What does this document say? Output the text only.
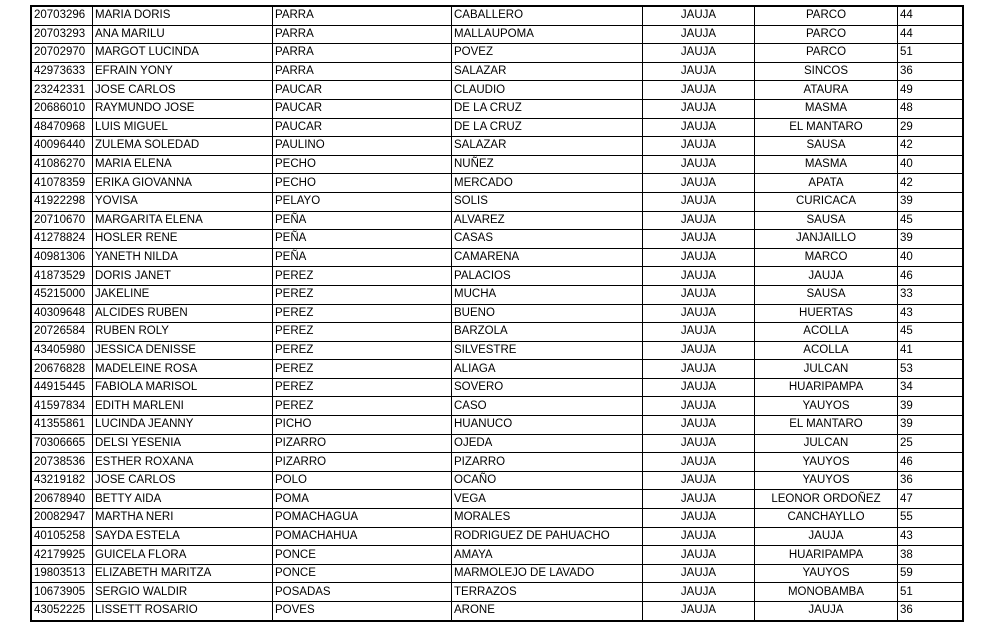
20703296	MARIA DORIS	PARRA	CABALLERO	JAUJA	PARCO	44
20703293	ANA MARILU	PARRA	MALLAUPOMA	JAUJA	PARCO	44
20702970	MARGOT LUCINDA	PARRA	POVEZ	JAUJA	PARCO	51
42973633	EFRAIN YONY	PARRA	SALAZAR	JAUJA	SINCOS	36
23242331	JOSE CARLOS	PAUCAR	CLAUDIO	JAUJA	ATAURA	49
20686010	RAYMUNDO JOSE	PAUCAR	DE LA CRUZ	JAUJA	MASMA	48
48470968	LUIS MIGUEL	PAUCAR	DE LA CRUZ	JAUJA	EL MANTARO	29
40096440	ZULEMA SOLEDAD	PAULINO	SALAZAR	JAUJA	SAUSA	42
41086270	MARIA ELENA	PECHO	NUÑEZ	JAUJA	MASMA	40
41078359	ERIKA GIOVANNA	PECHO	MERCADO	JAUJA	APATA	42
41922298	YOVISA	PELAYO	SOLIS	JAUJA	CURICACA	39
20710670	MARGARITA ELENA	PEÑA	ALVAREZ	JAUJA	SAUSA	45
41278824	HOSLER RENE	PEÑA	CASAS	JAUJA	JANJAILLO	39
40981306	YANETH NILDA	PEÑA	CAMARENA	JAUJA	MARCO	40
41873529	DORIS JANET	PEREZ	PALACIOS	JAUJA	JAUJA	46
45215000	JAKELINE	PEREZ	MUCHA	JAUJA	SAUSA	33
40309648	ALCIDES RUBEN	PEREZ	BUENO	JAUJA	HUERTAS	43
20726584	RUBEN ROLY	PEREZ	BARZOLA	JAUJA	ACOLLA	45
43405980	JESSICA DENISSE	PEREZ	SILVESTRE	JAUJA	ACOLLA	41
20676828	MADELEINE ROSA	PEREZ	ALIAGA	JAUJA	JULCAN	53
44915445	FABIOLA MARISOL	PEREZ	SOVERO	JAUJA	HUARIPAMPA	34
41597834	EDITH MARLENI	PEREZ	CASO	JAUJA	YAUYOS	39
41355861	LUCINDA JEANNY	PICHO	HUANUCO	JAUJA	EL MANTARO	39
70306665	DELSI YESENIA	PIZARRO	OJEDA	JAUJA	JULCAN	25
20738536	ESTHER ROXANA	PIZARRO	PIZARRO	JAUJA	YAUYOS	46
43219182	JOSE CARLOS	POLO	OCAÑO	JAUJA	YAUYOS	36
20678940	BETTY AIDA	POMA	VEGA	JAUJA	LEONOR ORDOÑEZ	47
20082947	MARTHA NERI	POMACHAGUA	MORALES	JAUJA	CANCHAYLLO	55
40105258	SAYDA ESTELA	POMACHAHUA	RODRIGUEZ DE PAHUACHO	JAUJA	JAUJA	43
42179925	GUICELA FLORA	PONCE	AMAYA	JAUJA	HUARIPAMPA	38
19803513	ELIZABETH MARITZA	PONCE	MARMOLEJO DE LAVADO	JAUJA	YAUYOS	59
10673905	SERGIO WALDIR	POSADAS	TERRAZOS	JAUJA	MONOBAMBA	51
43052225	LISSETT ROSARIO	POVES	ARONE	JAUJA	JAUJA	36
